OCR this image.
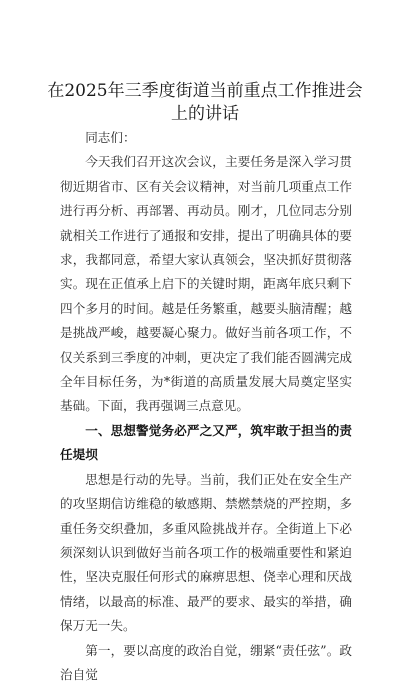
在2025年三季度街道当前重点工作推进会上的讲话

同志们：

今天我们召开这次会议，主要任务是深入学习贯彻近期省市、区有关会议精神，对当前几项重点工作进行再分析、再部署、再动员。刚才，几位同志分别就相关工作进行了通报和安排，提出了明确具体的要求，我都同意，希望大家认真领会，坚决抓好贯彻落实。现在正值承上启下的关键时期，距离年底只剩下四个多月的时间。越是任务繁重，越要头脑清醒；越是挑战严峻，越要凝心聚力。做好当前各项工作，不仅关系到三季度的冲刺，更决定了我们能否圆满完成全年目标任务，为*街道的高质量发展大局奠定坚实基础。下面，我再强调三点意见。

一、思想警觉务必严之又严，筑牢敢于担当的责任堤坝

思想是行动的先导。当前，我们正处在安全生产的攻坚期信访维稳的敏感期、禁燃禁烧的严控期，多重任务交织叠加，多重风险挑战并存。全街道上下必须深刻认识到做好当前各项工作的极端重要性和紧迫性，坚决克服任何形式的麻痹思想、侥幸心理和厌战情绪，以最高的标准、最严的要求、最实的举措，确保万无一失。

第一，要以高度的政治自觉，绷紧“责任弦”。政治自觉
